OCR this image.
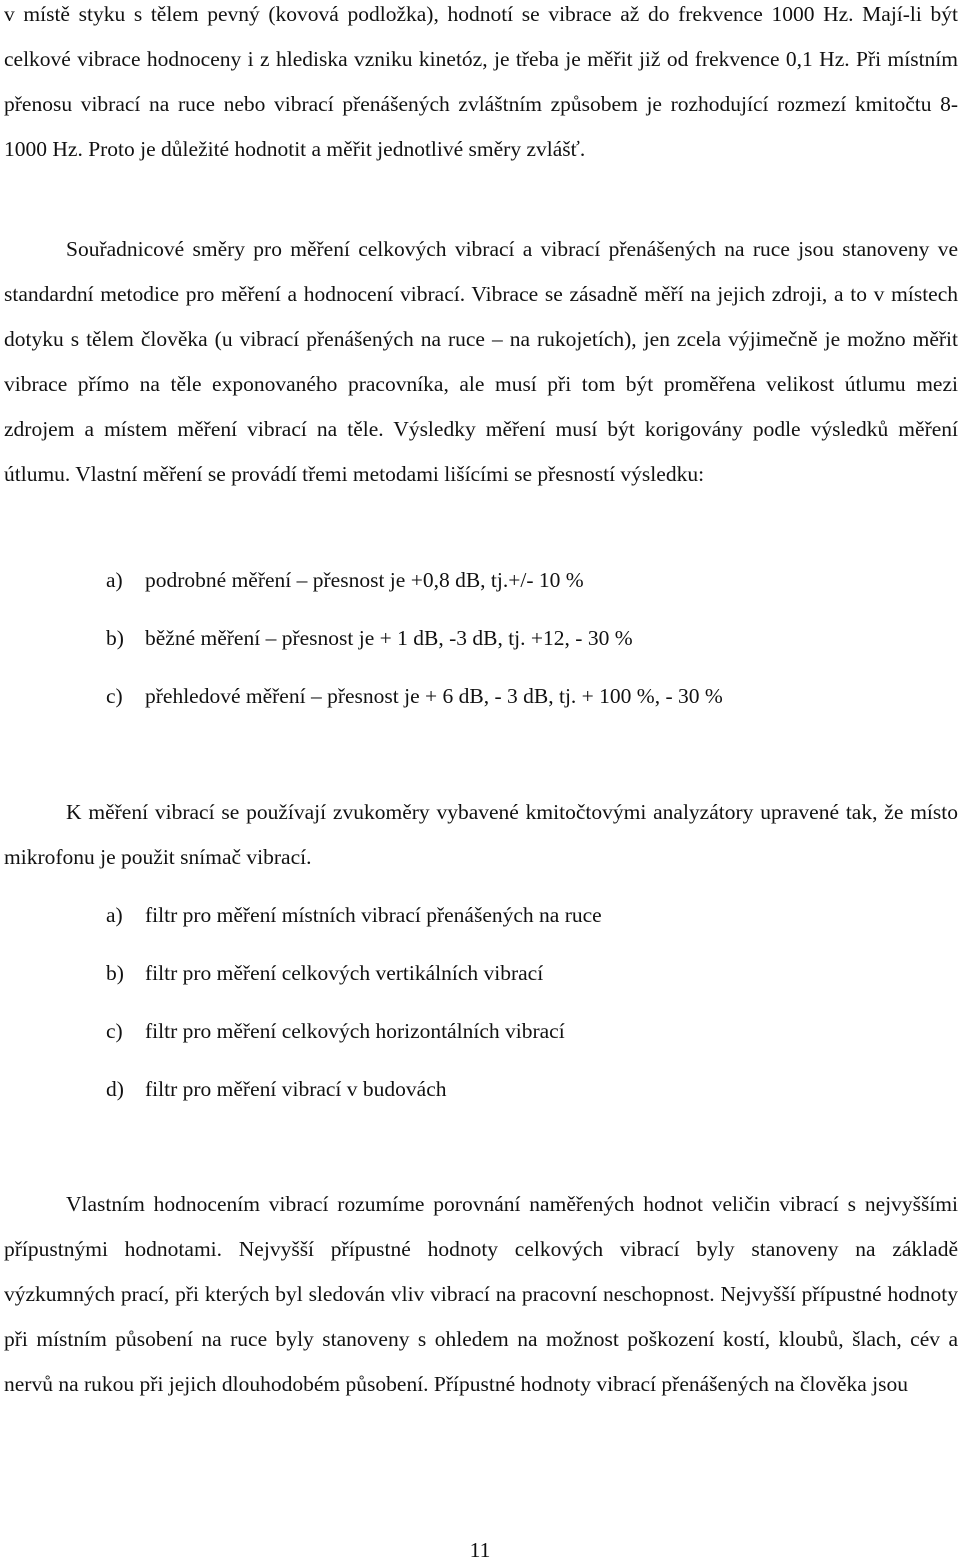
v místě styku s tělem pevný (kovová podložka), hodnotí se vibrace až do frekvence 1000 Hz. Mají-li být celkové vibrace hodnoceny i z hlediska vzniku kinetóz, je třeba je měřit již od frekvence 0,1 Hz. Při místním přenosu vibrací na ruce nebo vibrací přenášených zvláštním způsobem je rozhodující rozmezí kmitočtu 8- 1000 Hz. Proto je důležité hodnotit a měřit jednotlivé směry zvlášť.

Souřadnicové směry pro měření celkových vibrací a vibrací přenášených na ruce jsou stanoveny ve standardní metodice pro měření a hodnocení vibrací. Vibrace se zásadně měří na jejich zdroji, a to v místech dotyku s tělem člověka (u vibrací přenášených na ruce – na rukojetích), jen zcela výjimečně je možno měřit vibrace přímo na těle exponovaného pracovníka, ale musí při tom být proměřena velikost útlumu mezi zdrojem a místem měření vibrací na těle. Výsledky měření musí být korigovány podle výsledků měření útlumu. Vlastní měření se provádí třemi metodami lišícími se přesností výsledku:

a) podrobné měření – přesnost je +0,8 dB, tj.+/- 10 %
b) běžné měření – přesnost je + 1 dB, -3 dB, tj. +12, - 30 %
c) přehledové měření – přesnost je + 6 dB, - 3 dB, tj. + 100 %, - 30 %

K měření vibrací se používají zvukoměry vybavené kmitočtovými analyzátory upravené tak, že místo mikrofonu je použit snímač vibrací.

a) filtr pro měření místních vibrací přenášených na ruce
b) filtr pro měření celkových vertikálních vibrací
c) filtr pro měření celkových horizontálních vibrací
d) filtr pro měření vibrací v budovách

Vlastním hodnocením vibrací rozumíme porovnání naměřených hodnot veličin vibrací s nejvyššími přípustnými hodnotami. Nejvyšší přípustné hodnoty celkových vibrací byly stanoveny na základě výzkumných prací, při kterých byl sledován vliv vibrací na pracovní neschopnost. Nejvyšší přípustné hodnoty při místním působení na ruce byly stanoveny s ohledem na možnost poškození kostí, kloubů, šlach, cév a nervů na rukou při jejich dlouhodobém působení. Přípustné hodnoty vibrací přenášených na člověka jsou

11
